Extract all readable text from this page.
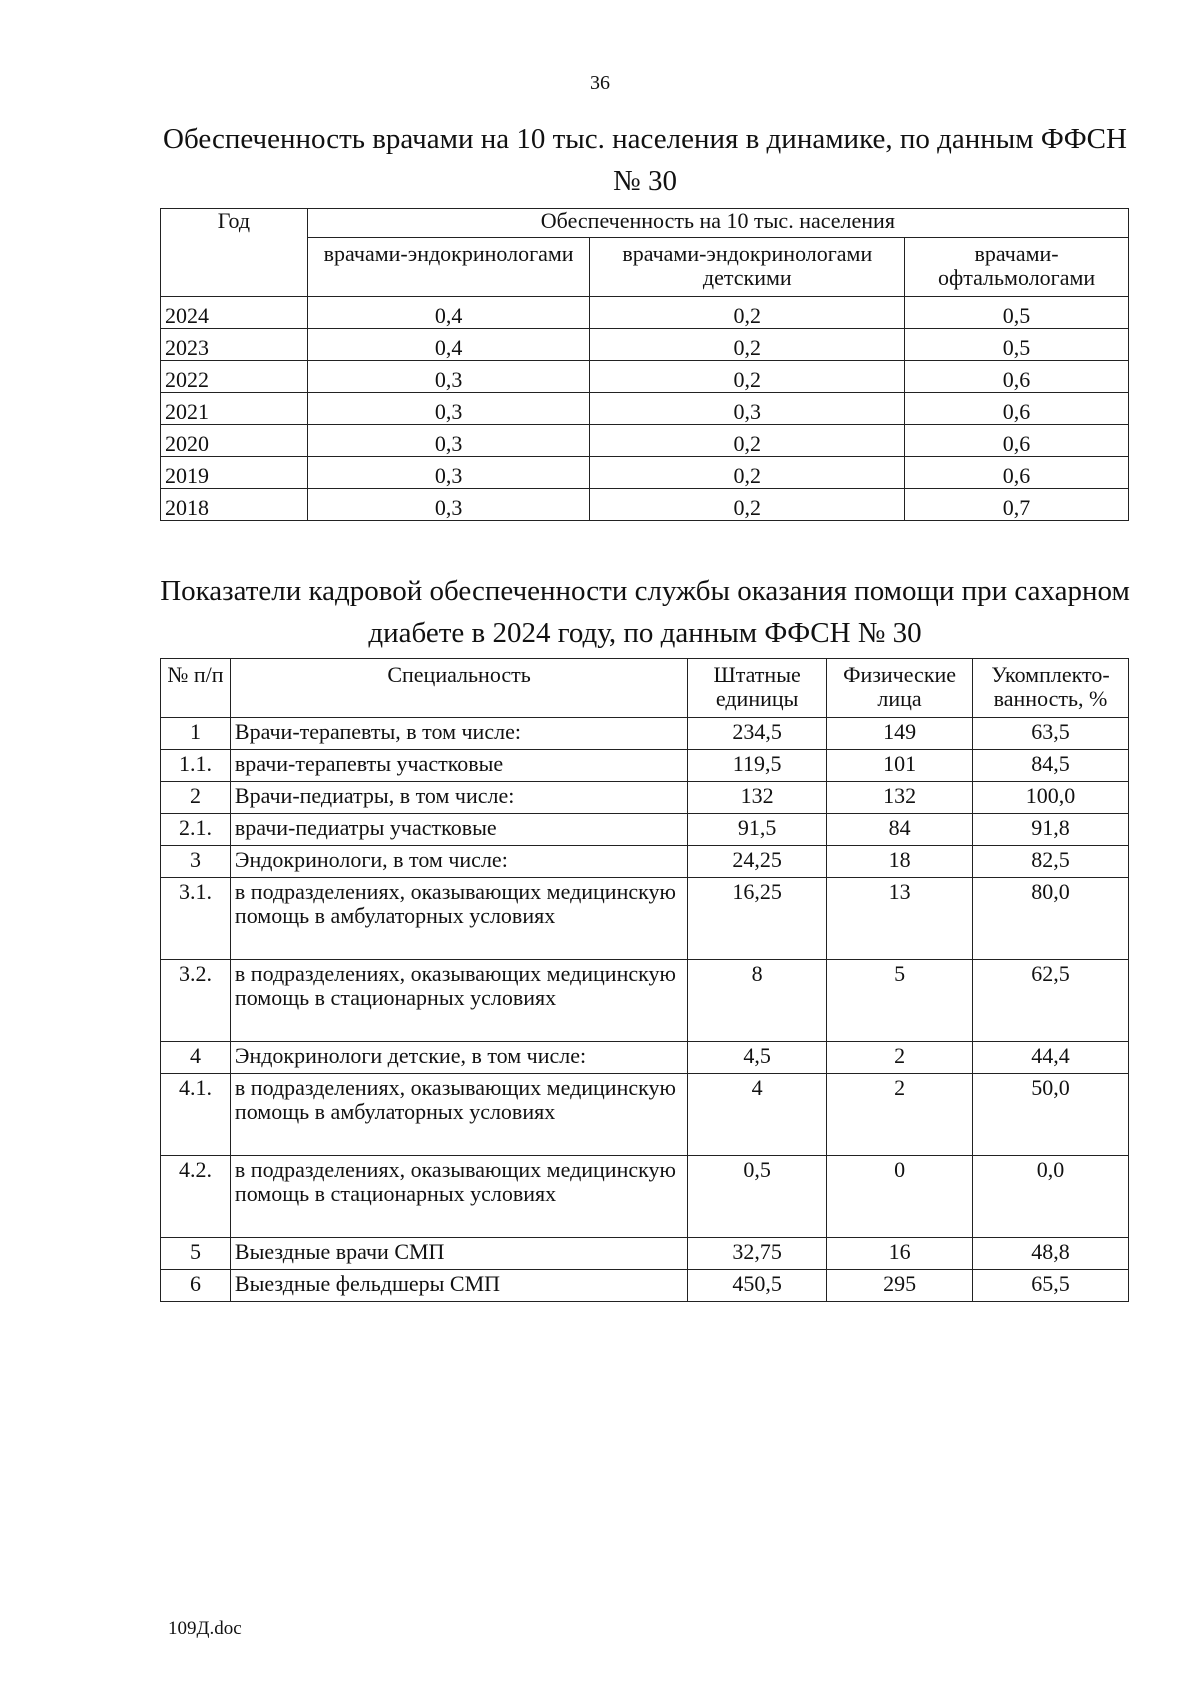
36
Обеспеченность врачами на 10 тыс. населения в динамике, по данным ФФСН № 30
Год	Обеспеченность на 10 тыс. населения		
	врачами-эндокринологами	врачами-эндокринологами детскими	врачами-офтальмологами
2024	0,4	0,2	0,5
2023	0,4	0,2	0,5
2022	0,3	0,2	0,6
2021	0,3	0,3	0,6
2020	0,3	0,2	0,6
2019	0,3	0,2	0,6
2018	0,3	0,2	0,7
Показатели кадровой обеспеченности службы оказания помощи при сахарном диабете в 2024 году, по данным ФФСН № 30
№ п/п	Специальность	Штатные единицы	Физические лица	Укомплекто-ванность, %
1	Врачи-терапевты, в том числе:	234,5	149	63,5
1.1.	врачи-терапевты участковые	119,5	101	84,5
2	Врачи-педиатры, в том числе:	132	132	100,0
2.1.	врачи-педиатры участковые	91,5	84	91,8
3	Эндокринологи, в том числе:	24,25	18	82,5
3.1.	в подразделениях, оказывающих медицинскую помощь в амбулаторных условиях	16,25	13	80,0
3.2.	в подразделениях, оказывающих медицинскую помощь в стационарных условиях	8	5	62,5
4	Эндокринологи детские, в том числе:	4,5	2	44,4
4.1.	в подразделениях, оказывающих медицинскую помощь в амбулаторных условиях	4	2	50,0
4.2.	в подразделениях, оказывающих медицинскую помощь в стационарных условиях	0,5	0	0,0
5	Выездные врачи СМП	32,75	16	48,8
6	Выездные фельдшеры СМП	450,5	295	65,5
109Д.doc
